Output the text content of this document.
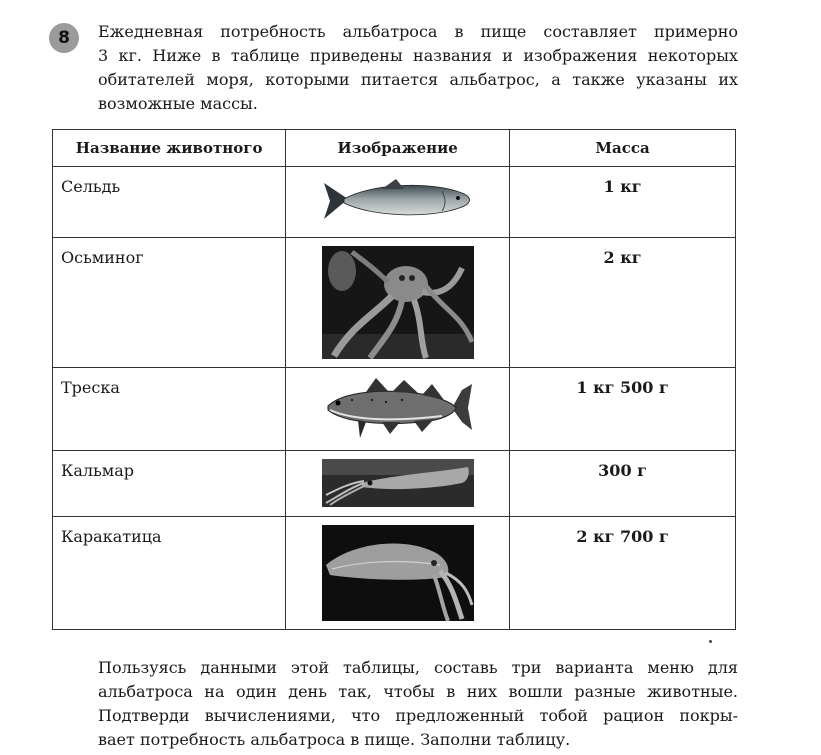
8 Ежедневная потребность альбатроса в пище составляет примерно

3 кг. Ниже в таблице приведены названия и изображения некоторых

обитателей моря, которыми питается альбатрос, а также указаны их

возможные массы.

Название животного	Изображение	Масса
Сельдь		1 кг
Осьминог		2 кг
Треска		1 кг 500 г
Кальмар		300 г
Каракатица		2 кг 700 г

Пользуясь данными этой таблицы, составь три варианта меню для

альбатроса на один день так, чтобы в них вошли разные животные.

Подтверди вычислениями, что предложенный тобой рацион покры-

вает потребность альбатроса в пище. Заполни таблицу.
